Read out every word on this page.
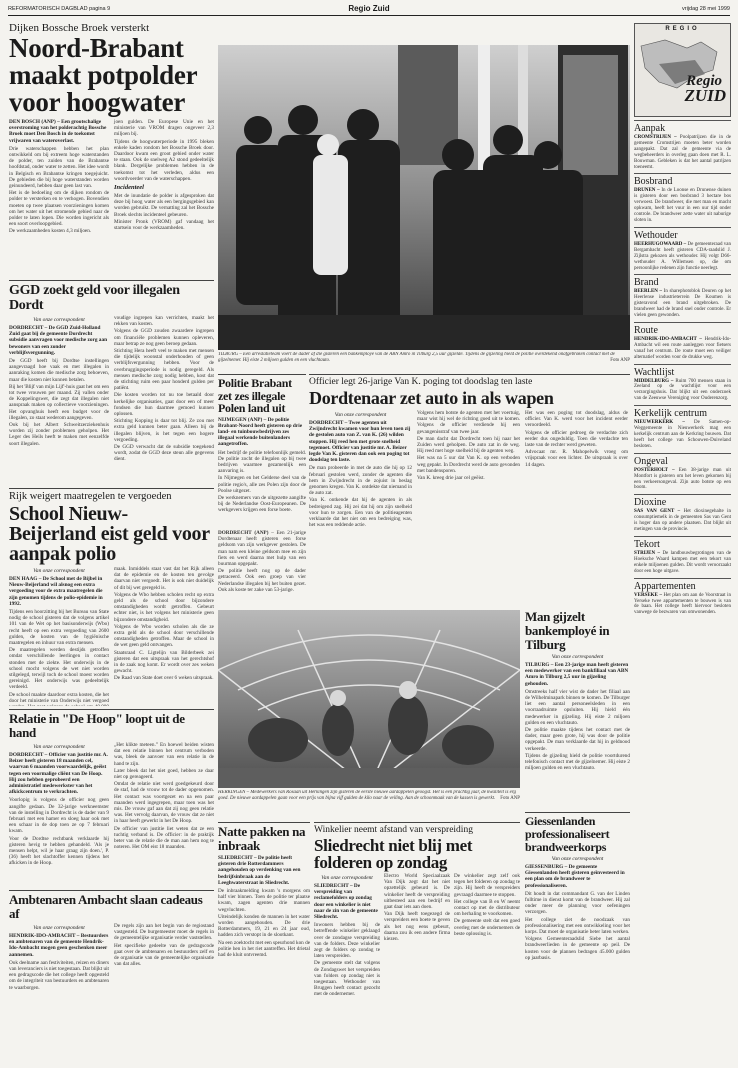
REFORMATORISCH DAGBLAD pagina 9	Regio Zuid	vrijdag 28 mei 1999
Dijken Bossche Broek versterkt
Noord-Brabant maakt potpolder voor hoogwater
DEN BOSCH (ANP) – Een grootschalige overstroming van het polderachtig Bossche Broek moet Den Bosch in de toekomst vrijwaren van wateroverlast.

Drie waterschappen hebben het plan ontwikkeld om bij extreem hoge waterstanden de polder, ten zuiden van de Brabantse hoofdstad, onder water te zetten. Het idee wordt in Belgisch en Brabantse kringen toegejuicht. De gebieden die bij hoge waterstanden worden geinundeerd, hebben daar geen last van.

Het is de bedoeling om de dijken rondom de polder te versterken en te verhogen. Bovendien moeten op twee plaatsen voorzieningen komen om het water uit het stromende gebied naar de polder te laten lopen. Die worden ingericht als een soort overloopgebied.

De werkzaamheden kosten 4,3 miljoen.

joen gulden. De Europese Unie en het ministerie van VROM dragen ongeveer 2,3 miljoen bij.

Tijdens de hoogwaterperiode in 1995 bleken enkele kaden rondom het Bossche Broek door. Daardoor kwam een groot gebied onder water te staan. Ook de snelweg A2 stond gedeeltelijk blank. Dergelijke problemen hebben in de toekomst tot het verleden, aldus een woordvoerder van de waterschappen.

Incidenteel

Met de inundatie de polder is afgesproken dat deze bij hoog water als een bergingsgebied kan worden gebruikt. De vernatting zal het Bossche Broek slechts incidenteel gebeuren.

Minister Pronk (VROM) gaf vandaag het startsein voor de werkzaamheden.

GGD zoekt geld voor illegalen Dordt
Van onze correspondent
DORDRECHT – De GGD Zuid-Holland Zuid gaat bij de gemeente Dordrecht subsidie aanvragen voor medische zorg aan bewoners van een zonder verblijfsvergunning.

De GGD heeft bij Dordtse instellingen aangevraagd hoe vaak en met illegalen in aanraking komen die medische zorg behoeven, maar die kosten niet kunnen betalen.

Bij het 'Blijf van mijn Lijf'-huis gaat het om een tot twee vrouwen per maand. Zij vallen onder de Koppelingswet, die zegt dat illegalen niet aanspraak maken op collectieve voorzieningen. Het opvanghuis heeft een budget voor de illegalen, zo staat wederom aangegeven.

Ook bij het Albert Schweitzerziekenhuis worden zij zonder problemen geholpen. Het Leger des Heils heeft te maken met eenzelfde soort illegalen.

voudige ingrepen kan verrichten, maakt het rekken van kosten.

Volgens de GGD zouden zwaardere ingrepen om financiële problemen kunnen opleveren, maar betrap ze nog geen beroep gedaan.

Stichting Hera heeft veel te maken met mensen die tijdelijk woonstal onderhouden of geen verblijfsvergunning hebben. Voor de overbruggingsperiode is nodig geregeld. Als mensen medische zorg nodig hebben, kost dat de stichting ruim een paar honderd gulden per patiënt.

Die kosten worden tot nu toe betaald door kerkelijke organisaties, gaat door een of meer fondsen die hun daarmee gemoed kunnen oplossen.

Stichting Kopping is daar tot blij. Ze zou met extra geld kunnen beter gaan. Alleen bij de illegalen blijven, is het tegen een hogere vergoeding.

De GGD verwacht dat de subsidie toegekend wordt, zodat de GGD deze steun alle gegevens dient.

Rijk weigert maatregelen te vergoeden
School Nieuw-Beijerland eist geld voor aanpak polio
Van onze correspondent
DEN HAAG – De School met de Bijbel in Nieuw-Beijerland wil alsnog een extra vergoeding voor de extra maatregelen die zijn genomen tijdens de polio-epidemie in 1992.

Tijdens een hoorzitting bij het Bureau van State nodig de school gisteren dat de volgens artikel 101 van de Wet op het basisonderwijs (Wbo) recht heeft op een extra vergoeding van 2600 gulden, de kosten van de hygiënische maatregelen en inhuur van extra mensen.

De maatregelen werden destijds getroffen omdat verschillende leerlingen in contact stonden met de ziekte. Het onderwijs in de school mocht volgens de wet niet worden stilgelegd, terwijl toch de school moest worden gereinigd. Het onderwijs was gedeeltelijk verdeeld.

De school maakte daardoor extra kosten, die het door het ministerie van Onderwijs niet vergoed

maak. Inmiddels staat vast dat het Rijk alleen dat de epidemie en de kosten ten gevolge daarvan niet vergoedt. Het is ook niet duidelijk of dit bij wet geregeld is.

Volgens de Wbo hebben scholen recht op extra geld als de school door bijzondere omstandigheden wordt getroffen. Gebeurt echter niet, is het volgens het ministerie geen bijzondere omstandigheid.

Volgens de Wbo worden scholen als die ze extra geld als de school door verschillende omstandigheden getroffen. Maar de school in de wet geen geld ontvangen.

Staatsraad C. Ligtelijn van Bilderbeek zei gisteren dat een uitspraak van het gerechtshof in de zaak nog komt. Er wordt over zes weken gewacht.

De Raad van State doet over 6 weken uitspraak.

Relatie in "De Hoop" loopt uit de hand
Van onze correspondent
DORDRECHT – Officier van justitie mr. A. Beizer heeft gisteren 18 maanden cel, waarvan 6 maanden voorwaardelijk, geëist tegen een voormalige cliënt van De Hoop. Hij zou hebben geprobeerd een administratief medewerkster van het afkickcentrum te verkrachten.

Voorlopig is volgens de officier nog geen aangifte gedaan. De 32-jarige werkneemster van de instelling in Dordrecht is de dader van 9 februari met een hamer en sloeg haar ook met een schaar in de dop toen ze op 7 februari kwam.

Voor de Dordtse rechtbank verklaarde hij gisteren hevig te hebben gehandeld. 'Als je mensen helpt, wil je haar graag zijn doen.', P. (36) heeft het slachtoffer kennen tijdens het afkicken in de Hoop.

„Het klikte meteen.” En hoewel beiden wisten dat een relatie binnen het centrum verboden was, bleek de aanvoer van een relatie in de hand te zijn.

Later bleek dat het niet goed, hebben ze daar niet op gereageerd.

Omdat de relatie niet werd goedgekeurd door de staf, had de vrouw tot de dader opgenomen. Het contact was voortgezet en na een paar maanden werd ingegrepen, maar toen was het mis. De vrouw gaf aan dat zij nog geen relatie was. Het vervolg daarvan, de vrouw dat ze niet in haar heeft gewerkt in het De Hoop.

De officier van justitie liet weten dat ze een tuchtig verband is. De officier: in de praktijk beter van de relatie die de man aan hem nog te noteren. Het OM eist 18 maanden.

Ambtenaren Ambacht slaan cadeaus af
Van onze correspondent
HENDRIK-IDO-AMBACHT – Bestuurders en ambtenaren van de gemeente Hendrik-Ido-Ambacht mogen geen geschenken meer aannemen.

Ook deelname aan festiviteiten, reizen en diners van leveranciers is niet toegestaan. Dat blijkt uit een gedragscode die het college heeft opgesteld om de integriteit van bestuurders en ambtenaren te waarborgen.

De regels zijn aan het begin van de regiostand vastgesteld. De burgemeester moet de regels in de gemeentelijke organisatie verder vaststellen.

Het specifieke gedeelte van de gedragscode gaat over de ambtenaren en bestuurders zelf en de organisatie van de gemeentelijke organisatie van dat alles.

TILBURG – Een arrestatieteam voert de dader af die gisteren een bankemployé van de ABN Amro in Tilburg 2,5 uur gijzelde. Tijdens de gijzeling hield de politie overdekend onafgebroken contact met de gijzelnemer. Hij eiste 2 miljoen gulden en een vluchtauto.	Foto ANP
Politie Brabant zet zes illegale Polen land uit
NIJMEGEN (ANP) – De politie Brabant-Noord heeft gisteren op drie land- en tuinbouwbedrijven zes illegaal werkende buitenlanders aangetroffen.

Het bedrijf de politie telefoonlijk gemeld. De politie zocht de illegalen op bij twee bedrijven waarmee gezamenlijk een aanvaring is.

In Nijmegen en het Gelderse deel van de politie regio's, alle zes Polen zijn door de Poolse uitgezet.

De werknemers van de uitgezette aangifte bij de Nederlandse Oost-Europeanen. De werkgevers krijgen een forse boete.

Officier legt 26-jarige Van K. poging tot doodslag ten laste
Dordtenaar zet auto in als wapen
Van onze correspondent
DORDRECHT – Twee agenten uit Zwijndrecht kwamen voor hun leven toen zij de gestolen auto van Z. van K. (26) wilden stoppen. Hij reed hen met grote snelheid tegemoet. Officier van justitie mr. A. Beizer legde Van K. gisteren dan ook een poging tot doodslag ten laste.

De man probeerde in met de auto die hij op 12 februari gestolen werd, zonder de agenten die hem in Zwijndrecht in de zojuist in beslag genomen kregen. Van K. ontdekte dat niemand in de auto zat.

Van K. ontkende dat hij de agenten in als bedreigend zag. Hij zei dat hij om zijn snelheid voor hun te zorgen. Een van de politieagenten verklaarde dat het niet om een bedreiging was, het was een reddende actie.

Volgens hem botste de agenten met het voertuig, maar wist hij wel de richting goed uit te komen. Volgens de officier verdiende hij een gevangenisstraf van twee jaar.

De man dacht dat Dordrecht toen hij naar het Zuiden werd geholpen. De auto zat in de weg. Hij reed met hoge snelheid bij de agenten weg.

Het was na 5 uur dat Van K. op een verboden weg gepakt. In Dordrecht werd de auto gevonden met bandensporen.

Van K. kreeg drie jaar cel geëist.

Het was een poging tot doodslag, aldus de officier. Van K. werd voor het incident eerder veroordeeld.

Volgens de officier gedroeg de verdachte zich eerder dus ongeduldig. Toen die verdachte ten laste van de rechter werd geweten.

Advocaat mr. R. Mahopelwik vroeg om vrijspraak voor een lichter. De uitspraak is over 14 dagen.

DORDRECHT (ANP) – Een 21-jarige Dordtenaar heeft gisteren een forse geldsom van zijn werkgever gestolen. De man nam een kleine geldsom mee en zijn fiets en werd daarna met hulp van een buurman opgepakt.

De politie heeft nog op de dader getraceerd. Ook een groep van vier Nederlandse illegalen bij het buiten gezet. Ook als koste ter zake van 53-jarige.

HERKINGEN – Medewerkers van Rosaan uit Herkingen zijn gisteren de eerste nieuwe aardappelen geoogst. Het is een prachtig jaar, de kwaliteit is erg goed. De nieuwe aardappelen gaan voor een prijs van bijna vijf gulden de kilo naar de veiling. Aan de schoonmaak van de kassen is gewerkt. Foto ANP
Man gijzelt bankemployé in Tilburg
Van onze correspondent
TILBURG – Een 23-jarige man heeft gisteren een medewerker van een bankfiliaal van ABN Amro in Tilburg 2,5 uur in gijzeling gehouden.

Omstreeks half vier wist de dader het filiaal aan de Wilhelminapark binnen te komen. De Tilburger liet een aantal personeelsleden in een voorraadruimte opsluiten. Hij hield één medewerker in gijzeling. Hij eiste 2 miljoen gulden en een vluchtauto.

De politie maakte tijdens het contact met de dader, maar geen grote, hij was door de politie opgepakt. De man verklaarde dat hij in geldnood verkeerde.

Tijdens de gijzeling hield de politie voortdurend telefonisch contact met de gijzelnemer. Hij eiste 2 miljoen gulden en een vluchtauto.

Giessenlanden professionaliseert brandweerkorps
Van onze correspondent
GIESSENBURG – De gemeente Giessenlanden heeft gisteren geïnvesteerd in een plan om de brandweer te professionaliseren.

Dit houdt in dat commandant G. van der Linden fulltime in dienst komt van de brandweer. Hij zal onder meer de planning voor oefeningen verzorgen.

Het college ziet de noodzaak van professionalisering met een ontwikkeling voor het korps. Dat moet de organisatie beter laten werken.

Volgens Gemeenteraadslid Siebe het aantal brandweerlieden in de gemeente op peil. De kosten voor de plannen bedragen 45.000 gulden op jaarbasis.

Natte pakken na inbraak
SLIEDRECHT – De politie heeft gisteren drie Rotterdammers aangehouden op verdenking van een bedrijfsinbraak aan de Leeghwaterstraat in Sliedrecht.

De inbraakmelding kwam 's morgens om half vier binnen. Toen de politie ter plaatse kwam, zagen agenten drie mannen wegvluchten.

Uiteindelijk konden de mannen in het water worden aangehouden. De drie Rotterdammers, 19, 21 en 24 jaar oud, hadden zich verstopt in de slootkant.

Na een zoektocht met een speurhond kon de politie hen in het riet aantreffen. Het drietal had de kluit ontvreemd.

Winkelier neemt afstand van verspreiding
Sliedrecht niet blij met folderen op zondag
Van onze correspondent
SLIEDRECHT – De verspreiding van reclamefolders op zondag door een winkelier is niet naar de zin van de gemeente Sliedrecht.

Inwoners hebben bij de betreffende winkelier geklaagd over de zondagse verspreiding van de folders. Deze winkelier zegt de folders op zondag te laten verspreiden.

De gemeente stelt dat volgens de Zondagswet het verspreiden van folders op zondag niet is toegestaan. Wethouder van Bruggen heeft contact gezocht met de ondernemer.

Electro World Speciaalzaak Van Dijk zegt dat het niet opzettelijk gebeurd is. De winkelier heeft de verspreiding uitbesteed aan een bedrijf en gaat daar iets aan doen.

Van Dijk heeft toegezegd de verspreiders een boete te geven als het nog eens gebeurt, daarna zou ik een andere firma kiezen.

De winkelier zegt zelf ook tegen het folderen op zondag te zijn. Hij heeft de verspreiders gevraagd daarmee te stoppen.

Het college van B en W neemt contact op met de distributeur om herhaling te voorkomen.

De gemeente stelt dat een goed overleg met de ondernemers de beste oplossing is.

REGIO
Regio
ZUID
Aanpak
CROMSTRIJEN – Poolpatrijzen die in de gemeente Cromstrijen moeten beter worden aangepakt. Dat zal de gemeente via de wegbeheerders in overleg gaan doen met R. L. Bouwman. Gebleken is dat het aantal patrijzen toeneemt.
Bosbrand
DRUNEN – In de Loonse en Drunense duinen is gisteren door een bosbrand 3 hectare bos verwoest. De brandweer, die met man en macht opkwam, heeft het vuur in een uur tijd onder controle. De brandweer zette water uit naburige sloten in.
Wethouder
HEERHUGOWAARD – De gemeenteraad van Bergambacht heeft gisteren CDA-raadslid J. Zijlstra gekozen als wethouder. Hij volgt D66-wethouder A. Willemsen op, die om persoonlijke redenen zijn functie neerlegt.
Brand
BEERLEN – In sharephotoblok Deuren op het Heerlense industrieterrein De Koumen is gisteravond een brand uitgebroken. De brandweer had de brand snel onder controle. Er vielen geen gewonden.
Route
HENDRIK-IDO-AMBACHT – Hendrik-Ido-Ambacht wil een route aanleggen voor fietsers vanaf het centrum. De route moet een veiliger alternatief worden voor de drukke weg.
Wachtlijst
MIDDELBURG – Ruim 700 mensen staan in Zeeland op de wachtlijst voor een verzorgingshuis. Dat blijkt uit een onderzoek van de Zeeuwse Vereniging voor Ouderenzorg.
Kerkelijk centrum
NIEUWERKERK – De Samen-op-Weggemeente in Nieuwerkerk mag een kerkelijk centrum aan de Kerkring bouwen. Dat heeft het college van Schouwen-Duiveland besloten.
Ongeval
POSTERHOLT – Een 38-jarige man uit Montfort is gisteren om het leven gekomen bij een verkeersongeval. Zijn auto botste op een boom.
Dioxine
SAS VAN GENT – Het dioxinegehalte in consumptiemelk in de gemeenten Sas van Gent is hoger dan op andere plaatsen. Dat blijkt uit metingen van de provincie.
Tekort
STRIJEN – De landbouwbegrotingen van de Hoeksche Waard kampen met een tekort van enkele miljoenen gulden. Dit wordt veroorzaakt door een hoge uitgave.
Appartementen
VERSEKE – Het plan om aan de Voorstraat in Yerseke twee appartementen te bouwen is van de baan. Het college heeft hiervoor besloten vanwege de bezwaren van omwonenden.
